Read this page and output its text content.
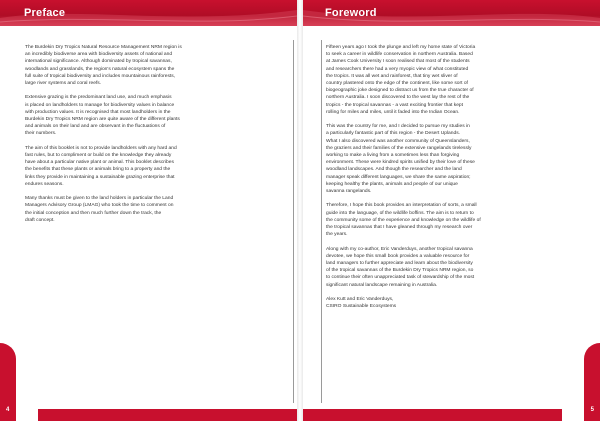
Preface	Foreword

The Burdekin Dry Tropics Natural Resource Management NRM region is
an incredibly biodiverse area with biodiversity assets of national and
international significance. Although dominated by tropical savannas,
woodlands and grasslands, the region's natural ecosystem spans the
full suite of tropical biodiversity and includes mountainous rainforests,
large river systems and coral reefs.

Extensive grazing is the predominant land use, and much emphasis
is placed on landholders to manage for biodiversity values in balance
with production values. It is recognised that most landholders in the
Burdekin Dry Tropics NRM region are quite aware of the different plants
and animals on their land and are observant in the fluctuations of
their numbers.

The aim of this booklet is not to provide landholders with any hard and
fast rules, but to compliment or build on the knowledge they already
have about a particular native plant or animal. This booklet describes
the benefits that these plants or animals bring to a property and the
links they provide in maintaining a sustainable grazing enterprise that
endures seasons.

Many thanks must be given to the land holders in particular the Land
Managers Advisory Group (LMAG) who took the time to comment on
the initial conception and then much further down the track, the
draft concept.

Fifteen years ago I took the plunge and left my home state of Victoria
to seek a career in wildlife conservation in northern Australia. Based
at James Cook University I soon realised that most of the students
and researchers there had a very myopic view of what constituted
the tropics. It was all wet and rainforest, that tiny wet sliver of
country plastered onto the edge of the continent, like some sort of
biogeographic joke designed to distract us from the true character of
northern Australia. I soon discovered to the west lay the rest of the
tropics - the tropical savannas - a vast exciting frontier that kept
rolling for miles and miles, until it faded into the Indian Ocean.

This was the country for me, and I decided to pursue my studies in
a particularly fantastic part of this region - the Desert Uplands.
What I also discovered was another community of Queenslanders,
the graziers and their families of the extensive rangelands tirelessly
working to make a living from a sometimes less than forgiving
environment. These were kindred spirits unified by their love of these
woodland landscapes. And though the researcher and the land
manager speak different languages, we share the same aspiration;
keeping healthy the plants, animals and people of our unique
savanna rangelands.

Therefore, I hope this book provides an interpretation of sorts, a small
guide into the language, of the wildlife boffins. The aim is to return to
the community some of the experience and knowledge on the wildlife of
the tropical savannas that I have gleaned through my research over
the years.

Along with my co-author, Eric Vanderduys, another tropical savanna
devotee, we hope this small book provides a valuable resource for
land managers to further appreciate and learn about the biodiversity
of the tropical savannas of the Burdekin Dry Tropics NRM region, so
to continue their often unappreciated task of stewardship of the most
significant natural landscape remaining in Australia.

Alex Kutt and Eric Vanderduys,
CSIRO Sustainable Ecosystems

4	5
